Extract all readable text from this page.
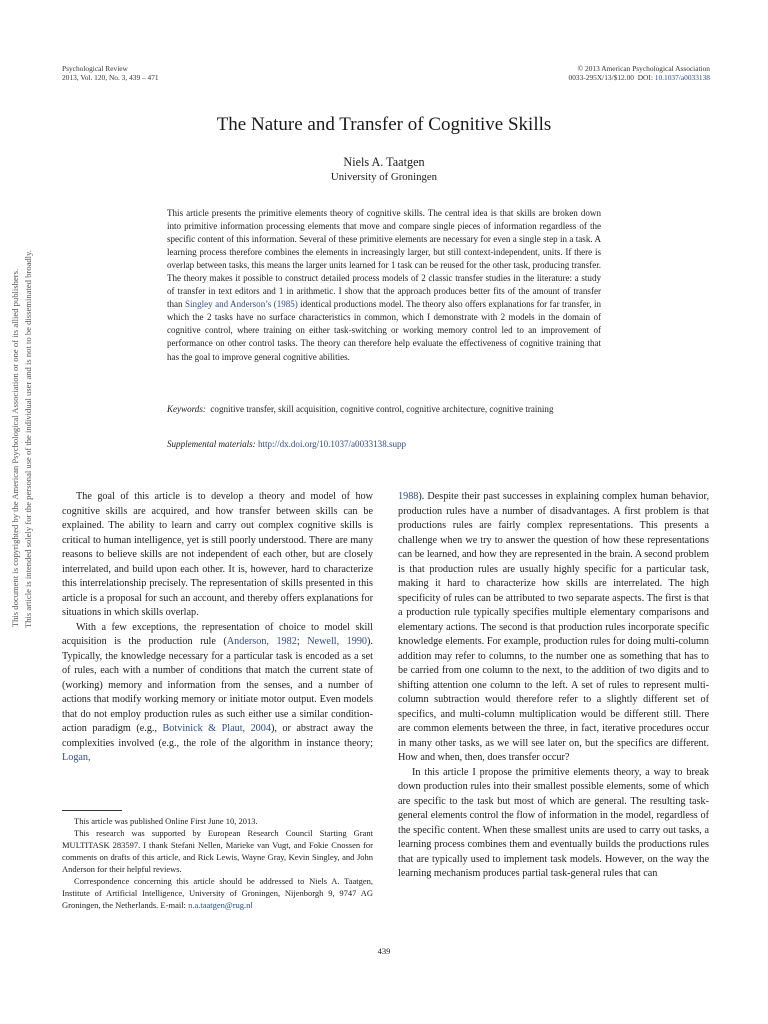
Psychological Review
2013, Vol. 120, No. 3, 439 – 471
© 2013 American Psychological Association
0033-295X/13/$12.00 DOI: 10.1037/a0033138
The Nature and Transfer of Cognitive Skills
Niels A. Taatgen
University of Groningen
This article presents the primitive elements theory of cognitive skills. The central idea is that skills are broken down into primitive information processing elements that move and compare single pieces of information regardless of the specific content of this information. Several of these primitive elements are necessary for even a single step in a task. A learning process therefore combines the elements in increasingly larger, but still context-independent, units. If there is overlap between tasks, this means the larger units learned for 1 task can be reused for the other task, producing transfer. The theory makes it possible to construct detailed process models of 2 classic transfer studies in the literature: a study of transfer in text editors and 1 in arithmetic. I show that the approach produces better fits of the amount of transfer than Singley and Anderson’s (1985) identical productions model. The theory also offers explanations for far transfer, in which the 2 tasks have no surface characteristics in common, which I demonstrate with 2 models in the domain of cognitive control, where training on either task-switching or working memory control led to an improvement of performance on other control tasks. The theory can therefore help evaluate the effectiveness of cognitive training that has the goal to improve general cognitive abilities.
Keywords: cognitive transfer, skill acquisition, cognitive control, cognitive architecture, cognitive training
Supplemental materials: http://dx.doi.org/10.1037/a0033138.supp
This document is copyrighted by the American Psychological Association or one of its allied publishers. This article is intended solely for the personal use of the individual user and is not to be disseminated broadly.	The goal of this article is to develop a theory and model of how cognitive skills are acquired, and how transfer between skills can be explained. The ability to learn and carry out complex cognitive skills is critical to human intelligence, yet is still poorly understood. There are many reasons to believe skills are not independent of each other, but are closely interrelated, and build upon each other. It is, however, hard to characterize this interrelationship precisely. The representation of skills presented in this article is a proposal for such an account, and thereby offers explanations for situations in which skills overlap.

With a few exceptions, the representation of choice to model skill acquisition is the production rule (Anderson, 1982; Newell, 1990). Typically, the knowledge necessary for a particular task is encoded as a set of rules, each with a number of conditions that match the current state of (working) memory and information from the senses, and a number of actions that modify working memory or initiate motor output. Even models that do not employ production rules as such either use a similar condition-action paradigm (e.g., Botvinick & Plaut, 2004), or abstract away the complexities involved (e.g., the role of the algorithm in instance theory; Logan,

This article was published Online First June 10, 2013.

This research was supported by European Research Council Starting Grant MULTITASK 283597. I thank Stefani Nellen, Marieke van Vugt, and Fokie Cnossen for comments on drafts of this article, and Rick Lewis, Wayne Gray, Kevin Singley, and John Anderson for their helpful reviews.

Correspondence concerning this article should be addressed to Niels A. Taatgen, Institute of Artificial Intelligence, University of Groningen, Nijenborgh 9, 9747 AG Groningen, the Netherlands. E-mail: n.a.taatgen@rug.nl

1988). Despite their past successes in explaining complex human behavior, production rules have a number of disadvantages. A first problem is that productions rules are fairly complex representations. This presents a challenge when we try to answer the question of how these representations can be learned, and how they are represented in the brain. A second problem is that production rules are usually highly specific for a particular task, making it hard to characterize how skills are interrelated. The high specificity of rules can be attributed to two separate aspects. The first is that a production rule typically specifies multiple elementary comparisons and elementary actions. The second is that production rules incorporate specific knowledge elements. For example, production rules for doing multi-column addition may refer to columns, to the number one as something that has to be carried from one column to the next, to the addition of two digits and to shifting attention one column to the left. A set of rules to represent multi-column subtraction would therefore refer to a slightly different set of specifics, and multi-column multiplication would be different still. There are common elements between the three, in fact, iterative procedures occur in many other tasks, as we will see later on, but the specifics are different. How and when, then, does transfer occur?

In this article I propose the primitive elements theory, a way to break down production rules into their smallest possible elements, some of which are specific to the task but most of which are general. The resulting task-general elements control the flow of information in the model, regardless of the specific content. When these smallest units are used to carry out tasks, a learning process combines them and eventually builds the productions rules that are typically used to implement task models. However, on the way the learning mechanism produces partial task-general rules that can

439
